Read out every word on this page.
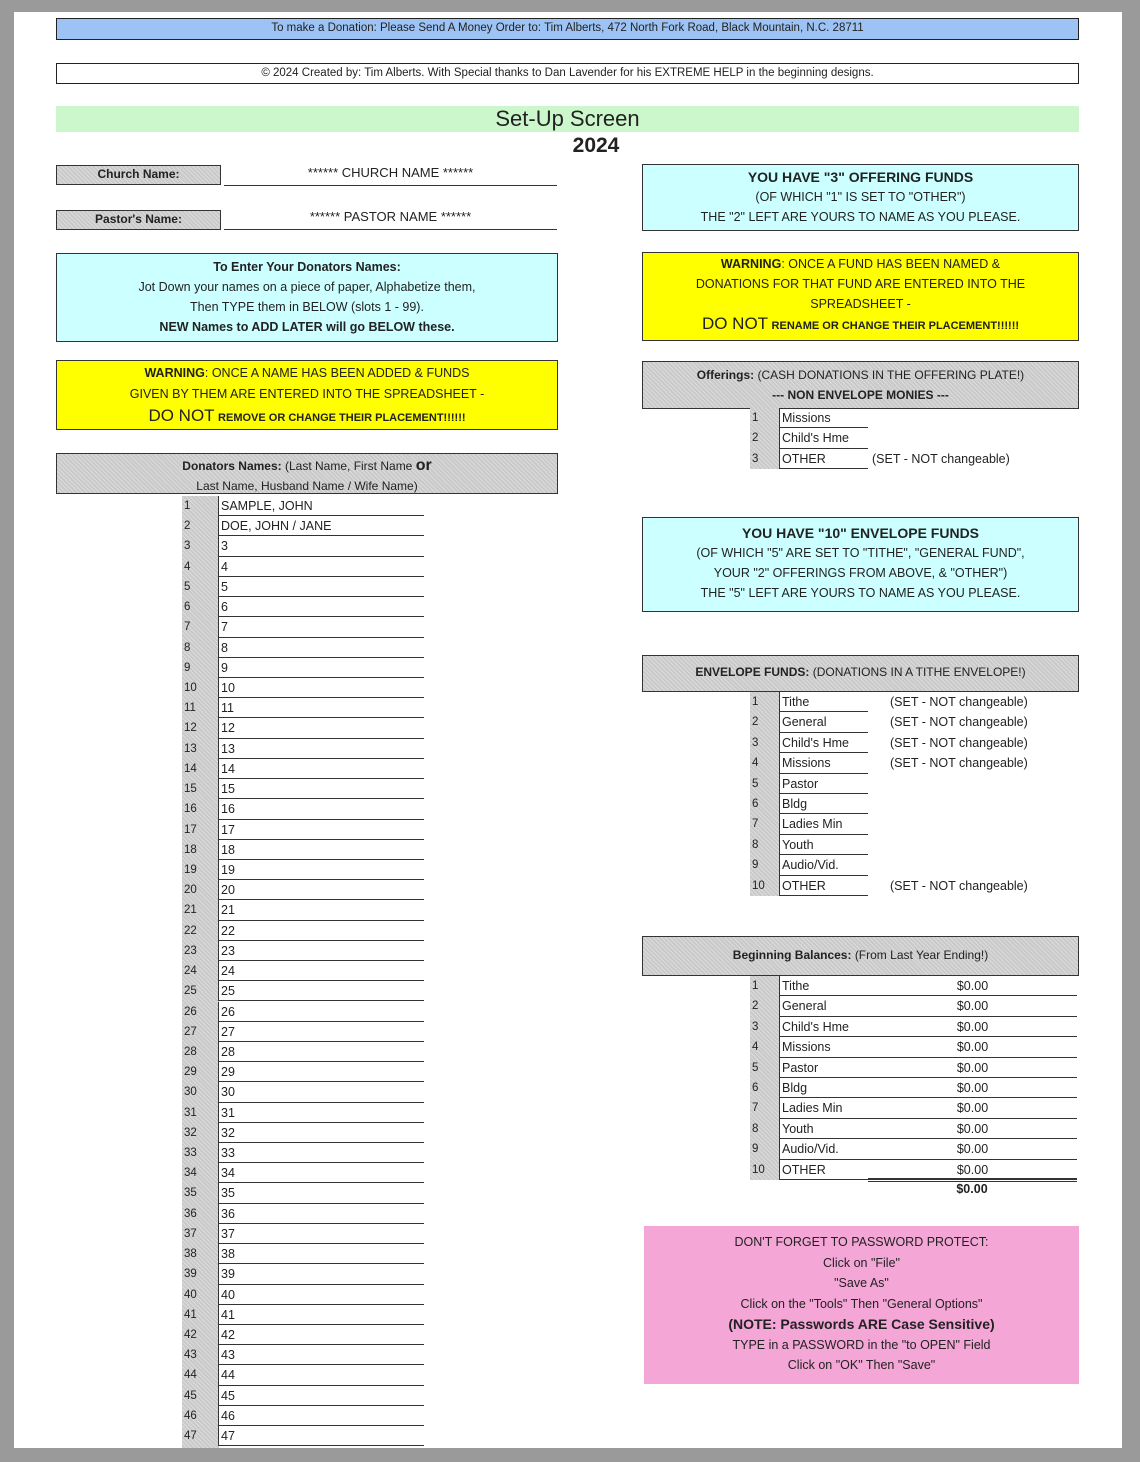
To make a Donation: Please Send A Money Order to: Tim Alberts, 472 North Fork Road, Black Mountain, N.C. 28711
© 2024 Created by: Tim Alberts. With Special thanks to Dan Lavender for his EXTREME HELP in the beginning designs.
Set-Up Screen
2024
Church Name:	****** CHURCH NAME ******
Pastor's Name:	****** PASTOR NAME ******
To Enter Your Donators Names:
Jot Down your names on a piece of paper, Alphabetize them,
Then TYPE them in BELOW (slots 1 - 99).
NEW Names to ADD LATER will go BELOW these.
WARNING: ONCE A NAME HAS BEEN ADDED & FUNDS
GIVEN BY THEM ARE ENTERED INTO THE SPREADSHEET -
DO NOT REMOVE OR CHANGE THEIR PLACEMENT!!!!!!
Donators Names: (Last Name, First Name or
Last Name, Husband Name / Wife Name)
1	SAMPLE, JOHN
2	DOE, JOHN / JANE
3	3
4	4
5	5
6	6
7	7
8	8
9	9
10	10
11	11
12	12
13	13
14	14
15	15
16	16
17	17
18	18
19	19
20	20
21	21
22	22
23	23
24	24
25	25
26	26
27	27
28	28
29	29
30	30
31	31
32	32
33	33
34	34
35	35
36	36
37	37
38	38
39	39
40	40
41	41
42	42
43	43
44	44
45	45
46	46
47	47
YOU HAVE "3" OFFERING FUNDS
(OF WHICH "1" IS SET TO "OTHER")
THE "2" LEFT ARE YOURS TO NAME AS YOU PLEASE.
WARNING: ONCE A FUND HAS BEEN NAMED &
DONATIONS FOR THAT FUND ARE ENTERED INTO THE
SPREADSHEET -
DO NOT RENAME OR CHANGE THEIR PLACEMENT!!!!!!
Offerings: (CASH DONATIONS IN THE OFFERING PLATE!)
--- NON ENVELOPE MONIES ---
1	Missions
2	Child's Hme
3	OTHER	(SET - NOT changeable)
YOU HAVE "10" ENVELOPE FUNDS
(OF WHICH "5" ARE SET TO "TITHE", "GENERAL FUND",
YOUR "2" OFFERINGS FROM ABOVE, & "OTHER")
THE "5" LEFT ARE YOURS TO NAME AS YOU PLEASE.
ENVELOPE FUNDS: (DONATIONS IN A TITHE ENVELOPE!)
1	Tithe	(SET - NOT changeable)
2	General	(SET - NOT changeable)
3	Child's Hme	(SET - NOT changeable)
4	Missions	(SET - NOT changeable)
5	Pastor
6	Bldg
7	Ladies Min
8	Youth
9	Audio/Vid.
10	OTHER	(SET - NOT changeable)
Beginning Balances: (From Last Year Ending!)
1	Tithe	$0.00
2	General	$0.00
3	Child's Hme	$0.00
4	Missions	$0.00
5	Pastor	$0.00
6	Bldg	$0.00
7	Ladies Min	$0.00
8	Youth	$0.00
9	Audio/Vid.	$0.00
10	OTHER	$0.00
$0.00
DON'T FORGET TO PASSWORD PROTECT:
Click on "File"
"Save As"
Click on the "Tools" Then "General Options"
(NOTE: Passwords ARE Case Sensitive)
TYPE in a PASSWORD in the "to OPEN" Field
Click on "OK" Then "Save"
